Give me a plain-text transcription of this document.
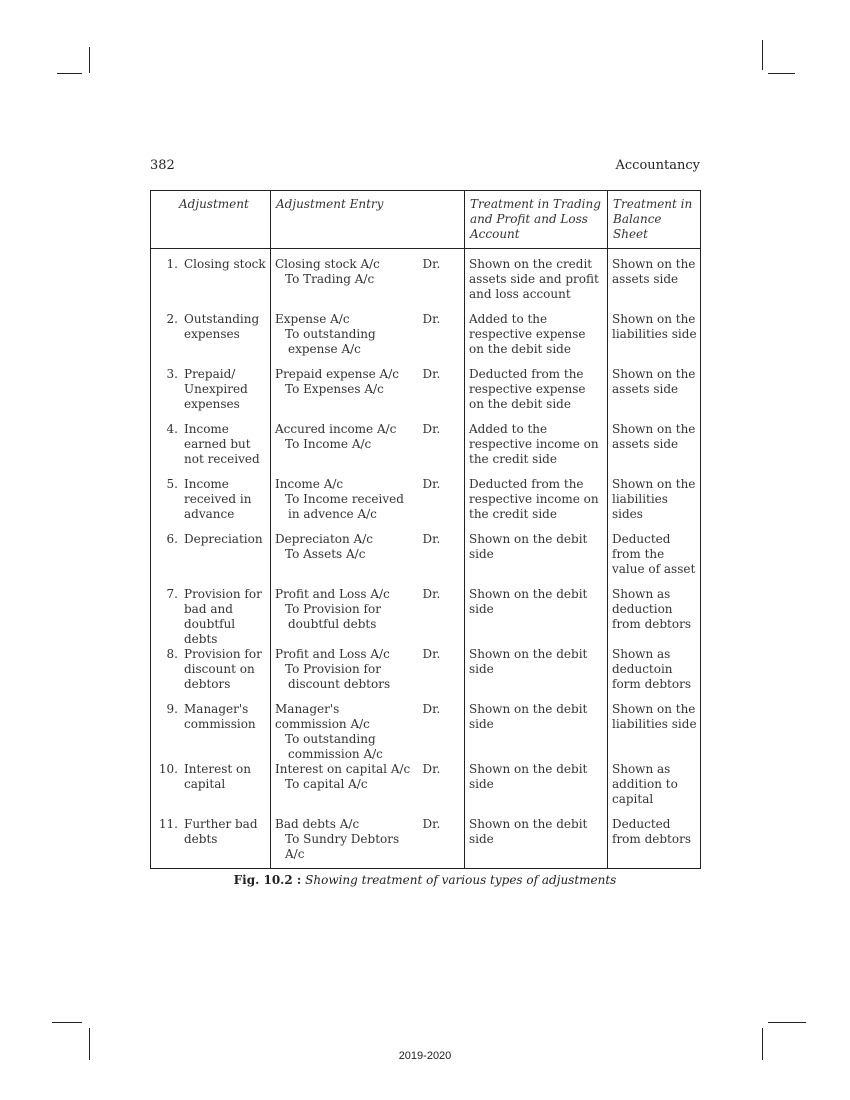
382	Accountancy
Adjustment	Adjustment Entry		Treatment in Trading and Profit and Loss Account	Treatment in Balance Sheet

1. Closing stock	Closing stock A/c
To Trading A/c	Dr.	Shown on the credit assets side and profit and loss account	Shown on the assets side

2. Outstanding expenses	Expense A/c
To outstanding
expense A/c	Dr.	Added to the respective expense on the debit side	Shown on the liabilities side

3. Prepaid/ Unexpired expenses	Prepaid expense A/c
To Expenses A/c	Dr.	Deducted from the respective expense on the debit side	Shown on the assets side

4. Income earned but not received	Accured income A/c
To Income A/c	Dr.	Added to the respective income on the credit side	Shown on the assets side

5. Income received in advance	Income A/c
To Income received
in advence A/c	Dr.	Deducted from the respective income on the credit side	Shown on the liabilities sides

6. Depreciation	Depreciaton A/c
To Assets A/c	Dr.	Shown on the debit side	Deducted from the value of asset

7. Provision for bad and doubtful debts	Profit and Loss A/c
To Provision for
doubtful debts	Dr.	Shown on the debit side	Shown as deduction from debtors

8. Provision for discount on debtors	Profit and Loss A/c
To Provision for
discount debtors	Dr.	Shown on the debit side	Shown as deductoin form debtors

9. Manager's commission	Manager's
commission A/c
To outstanding
commission A/c	Dr.	Shown on the debit side	Shown on the liabilities side

10. Interest on capital	Interest on capital A/c
To capital A/c	Dr.	Shown on the debit side	Shown as addition to capital

11. Further bad debts	Bad debts A/c
To Sundry Debtors A/c	Dr.	Shown on the debit side	Deducted from debtors
Fig. 10.2 : Showing treatment of various types of adjustments
2019-2020
